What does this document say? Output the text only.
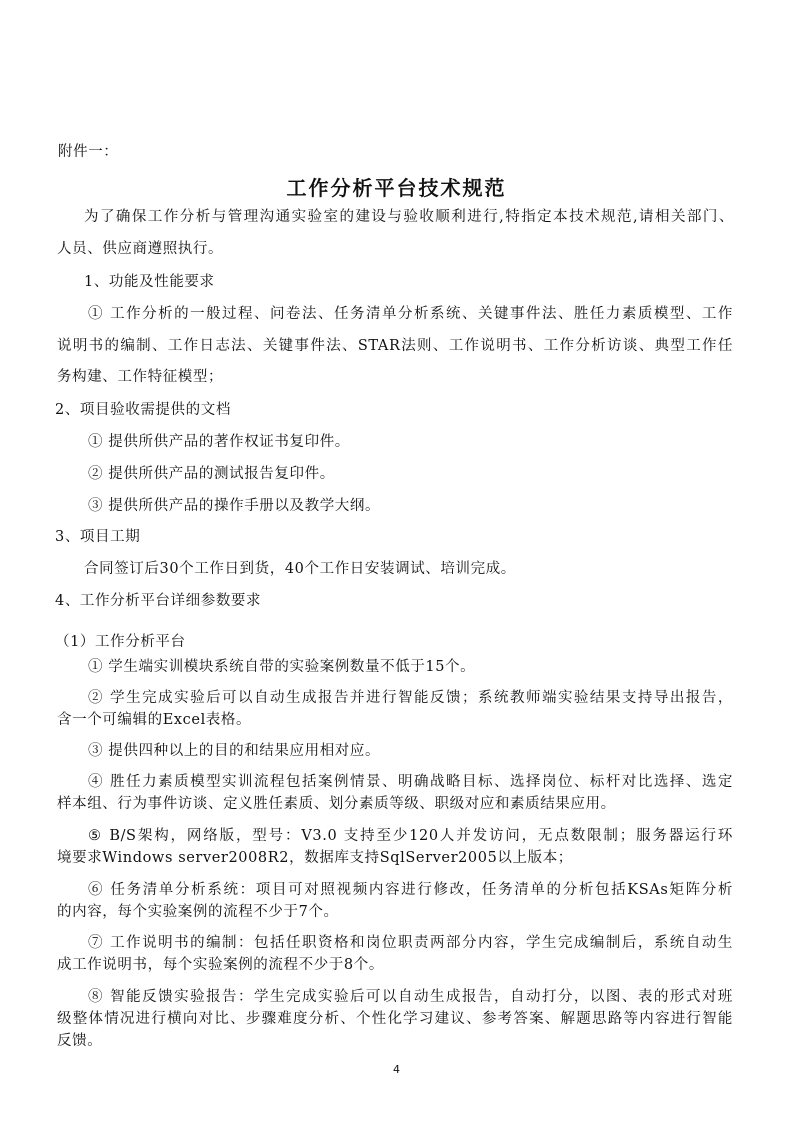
附件一：
工作分析平台技术规范
为了确保工作分析与管理沟通实验室的建设与验收顺利进行,特指定本技术规范,请相关部门、
人员、供应商遵照执行。
1、功能及性能要求
① 工作分析的一般过程、问卷法、任务清单分析系统、关键事件法、胜任力素质模型、工作
说明书的编制、工作日志法、关键事件法、STAR法则、工作说明书、工作分析访谈、典型工作任
务构建、工作特征模型；
2、项目验收需提供的文档
① 提供所供产品的著作权证书复印件。
② 提供所供产品的测试报告复印件。
③ 提供所供产品的操作手册以及教学大纲。
3、项目工期
合同签订后30个工作日到货，40个工作日安装调试、培训完成。
4、工作分析平台详细参数要求
（1）工作分析平台
① 学生端实训模块系统自带的实验案例数量不低于15个。
② 学生完成实验后可以自动生成报告并进行智能反馈；系统教师端实验结果支持导出报告，
含一个可编辑的Excel表格。
③ 提供四种以上的目的和结果应用相对应。
④ 胜任力素质模型实训流程包括案例情景、明确战略目标、选择岗位、标杆对比选择、选定
样本组、行为事件访谈、定义胜任素质、划分素质等级、职级对应和素质结果应用。
⑤ B/S架构，网络版，型号：V3.0 支持至少120人并发访问，无点数限制；服务器运行环
境要求Windows server2008R2，数据库支持SqlServer2005以上版本；
⑥ 任务清单分析系统：项目可对照视频内容进行修改，任务清单的分析包括KSAs矩阵分析
的内容，每个实验案例的流程不少于7个。
⑦ 工作说明书的编制：包括任职资格和岗位职责两部分内容，学生完成编制后，系统自动生
成工作说明书，每个实验案例的流程不少于8个。
⑧ 智能反馈实验报告：学生完成实验后可以自动生成报告，自动打分，以图、表的形式对班
级整体情况进行横向对比、步骤难度分析、个性化学习建议、参考答案、解题思路等内容进行智能
反馈。
4
